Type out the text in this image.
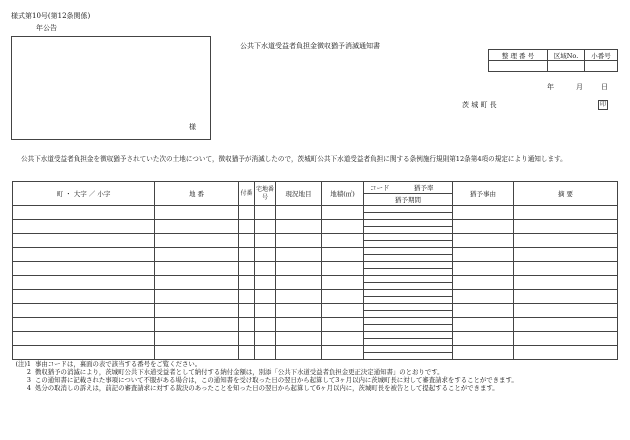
様式第10号(第12条関係)
年公告
様
公共下水道受益者負担金徴収猶予消滅通知書
整 理 番 号	区域No.	小番号

年	月	日
茨 城 町 長	印
公共下水道受益者負担金を徴収猶予されていた次の土地について，徴収猶予が消滅したので，茨城町公共下水道受益者負担に関する条例施行規則第12条第4項の規定により通知します。
町 ・ 大字 ／ 小字	地 番	付番	宅地番号	現況地目	地積(㎡)	コード	猶予率	猶予事由	摘 要
						猶予期間			

(注)1 事由コードは，裏面の表で該当する番号をご覧ください。
2 徴収猶予の消滅により，茨城町公共下水道受益者として納付する納付金額は，別添「公共下水道受益者負担金更正決定通知書」のとおりです。
3 この通知書に記載された事項について不服がある場合は，この通知書を受け取った日の翌日から起算して3ヶ月以内に茨城町長に対して審査請求をすることができます。
4 処分の取消しの訴えは，前記の審査請求に対する裁決のあったことを知った日の翌日から起算して6ヶ月以内に，茨城町長を被告として提起することができます。
